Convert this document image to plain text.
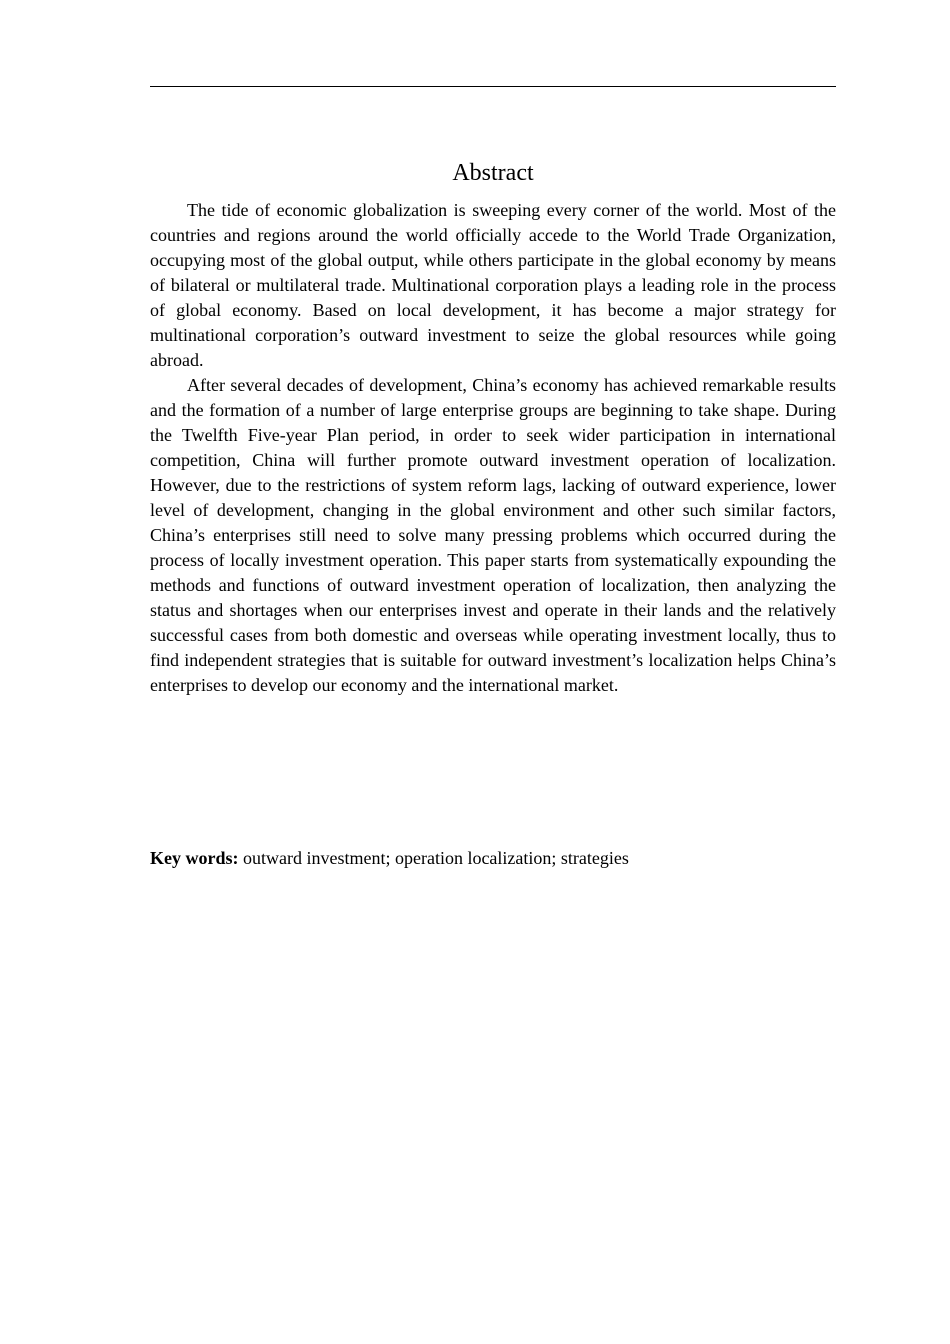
Abstract

The tide of economic globalization is sweeping every corner of the world. Most of the countries and regions around the world officially accede to the World Trade Organization, occupying most of the global output, while others participate in the global economy by means of bilateral or multilateral trade. Multinational corporation plays a leading role in the process of global economy. Based on local development, it has become a major strategy for multinational corporation’s outward investment to seize the global resources while going abroad.

After several decades of development, China’s economy has achieved remarkable results and the formation of a number of large enterprise groups are beginning to take shape. During the Twelfth Five-year Plan period, in order to seek wider participation in international competition, China will further promote outward investment operation of localization. However, due to the restrictions of system reform lags, lacking of outward experience, lower level of development, changing in the global environment and other such similar factors, China’s enterprises still need to solve many pressing problems which occurred during the process of locally investment operation. This paper starts from systematically expounding the methods and functions of outward investment operation of localization, then analyzing the status and shortages when our enterprises invest and operate in their lands and the relatively successful cases from both domestic and overseas while operating investment locally, thus to find independent strategies that is suitable for outward investment’s localization helps China’s enterprises to develop our economy and the international market.

Key words: outward investment; operation localization; strategies
